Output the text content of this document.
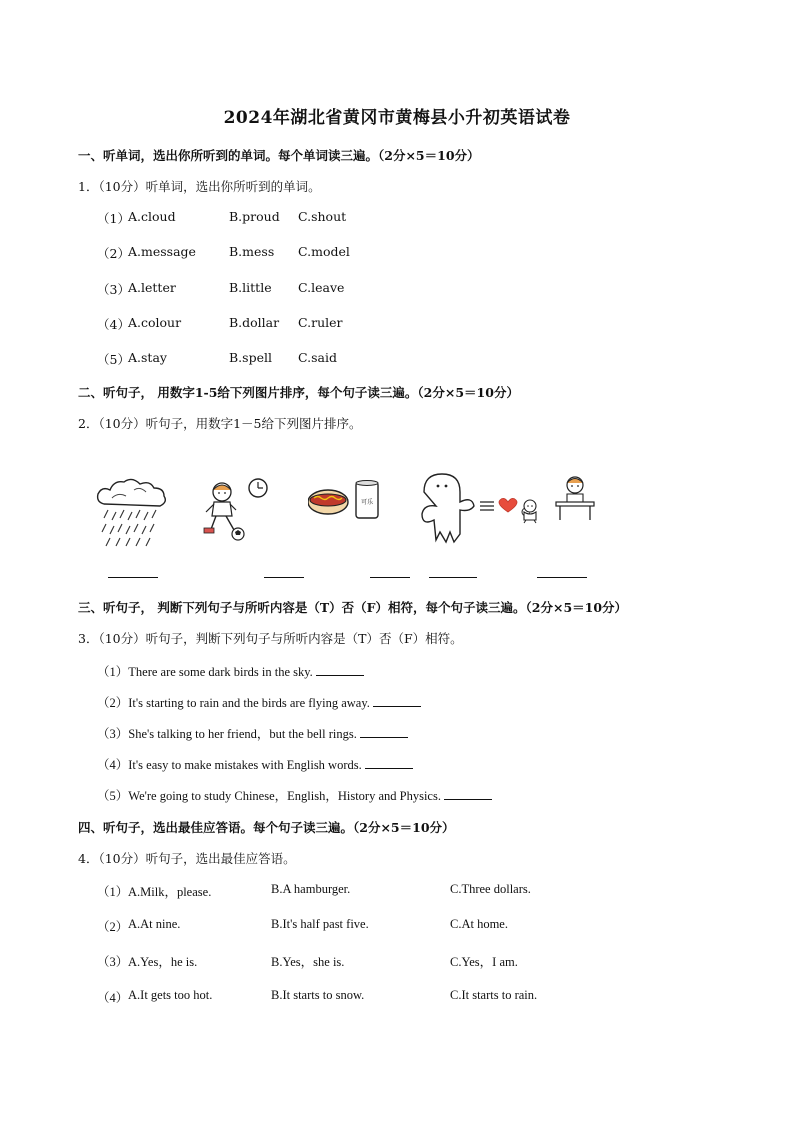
2024年湖北省黄冈市黄梅县小升初英语试卷
一、听单词，选出你所听到的单词。每个单词读三遍。（2分×5＝10分）
1．（10分）听单词，选出你所听到的单词。
（1）
A.cloud	B.proud C.shout
（2）
A.message	B.mess C.model
（3）
A.letter	B.little C.leave
（4）
A.colour	B.dollar C.ruler
（5）
A.stay	B.spell C.said
二、听句子， 用数字1-5给下列图片排序，每个句子读三遍。（2分×5＝10分）
2．（10分）听句子，用数字1－5给下列图片排序。
可乐
三、听句子， 判断下列句子与所听内容是（T）否（F）相符，每个句子读三遍。（2分×5＝10分）
3．（10分）听句子，判断下列句子与所听内容是（T）否（F）相符。
（1）There are some dark birds in the sky.
（2）It's starting to rain and the birds are flying away.
（3）She's talking to her friend，but the bell rings.
（4）It's easy to make mistakes with English words.
（5）We're going to study Chinese，English，History and Physics.
四、听句子，选出最佳应答语。每个句子读三遍。（2分×5＝10分）
4．（10分）听句子，选出最佳应答语。
（1） A.Milk，please.	B.A hamburger.	C.Three dollars.
（2） A.At nine.	B.It's half past five.	C.At home.
（3） A.Yes，he is.	B.Yes，she is.	C.Yes，I am.
（4） A.It gets too hot.	B.It starts to snow.	C.It starts to rain.
